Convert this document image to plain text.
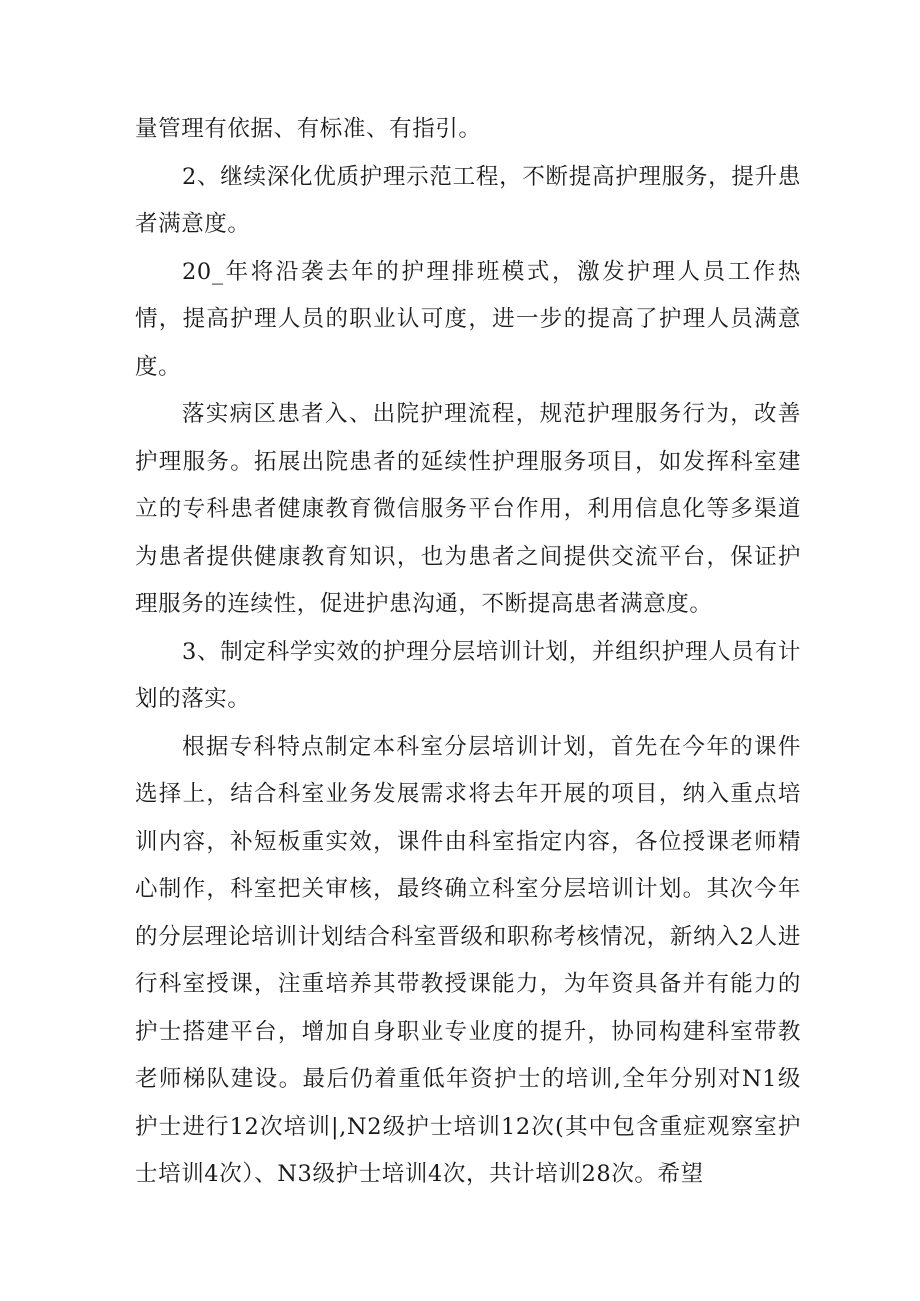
量管理有依据、有标准、有指引。

2、继续深化优质护理示范工程，不断提高护理服务，提升患者满意度。

20_年将沿袭去年的护理排班模式，激发护理人员工作热情，提高护理人员的职业认可度，进一步的提高了护理人员满意度。

落实病区患者入、出院护理流程，规范护理服务行为，改善护理服务。拓展出院患者的延续性护理服务项目，如发挥科室建立的专科患者健康教育微信服务平台作用，利用信息化等多渠道为患者提供健康教育知识，也为患者之间提供交流平台，保证护理服务的连续性，促进护患沟通，不断提高患者满意度。

3、制定科学实效的护理分层培训计划，并组织护理人员有计划的落实。

根据专科特点制定本科室分层培训计划，首先在今年的课件选择上，结合科室业务发展需求将去年开展的项目，纳入重点培训内容，补短板重实效，课件由科室指定内容，各位授课老师精心制作，科室把关审核，最终确立科室分层培训计划。其次今年的分层理论培训计划结合科室晋级和职称考核情况，新纳入2人进行科室授课，注重培养其带教授课能力，为年资具备并有能力的护士搭建平台，增加自身职业专业度的提升，协同构建科室带教老师梯队建设。最后仍着重低年资护士的培训,全年分别对N1级护士进行12次培训|,N2级护士培训12次(其中包含重症观察室护士培训4次）、N3级护士培训4次，共计培训28次。希望
